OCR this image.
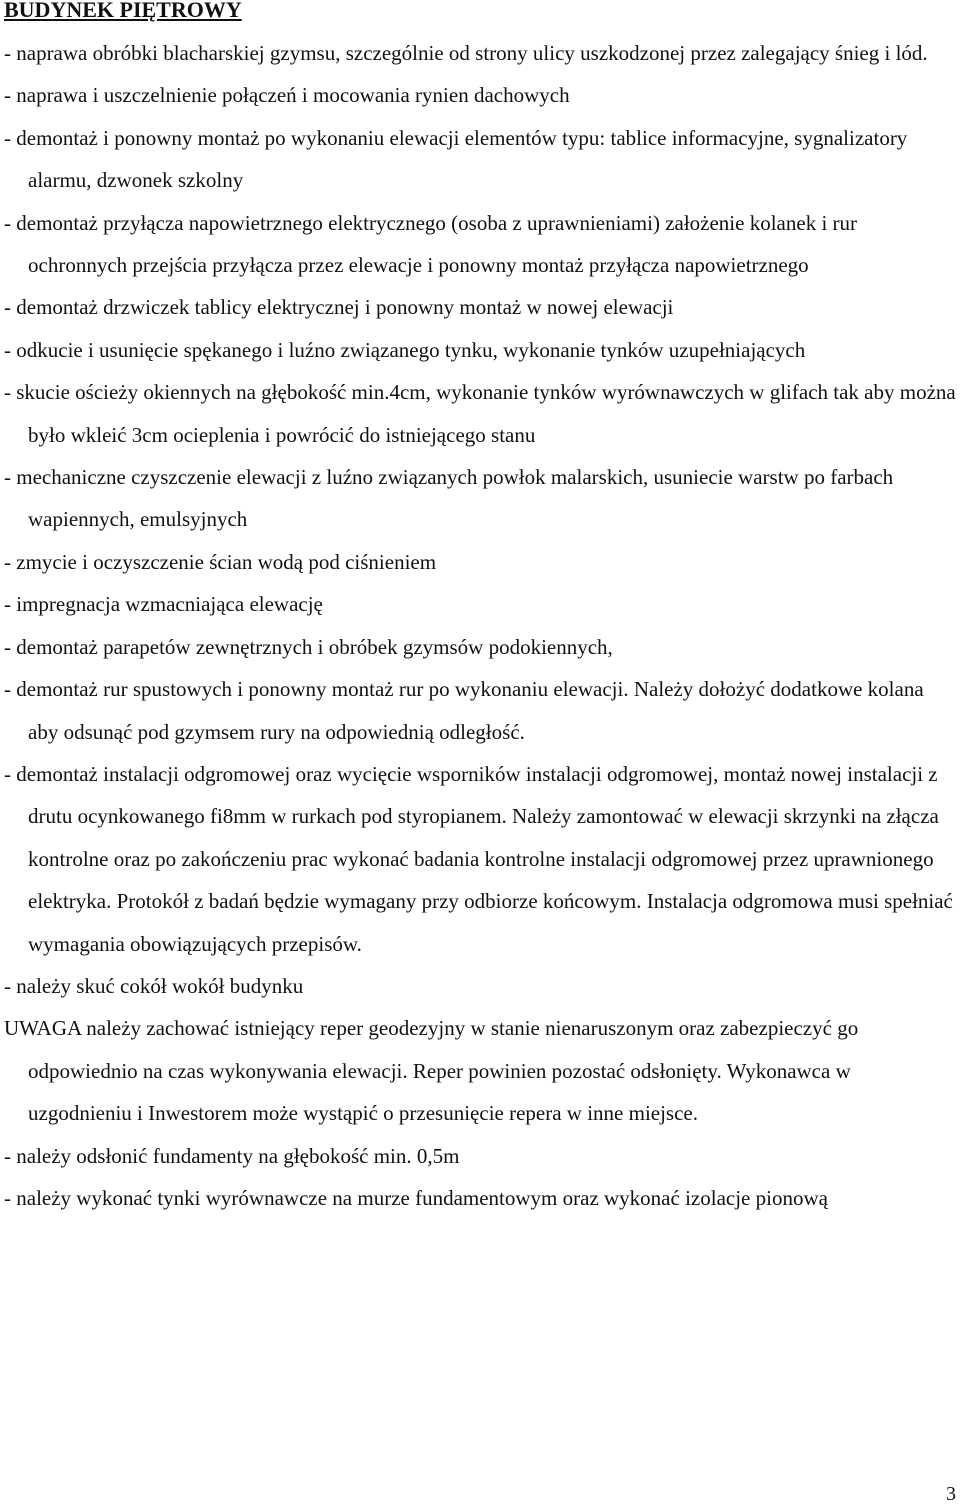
BUDYNEK PIĘTROWY

- naprawa obróbki blacharskiej gzymsu, szczególnie od strony ulicy uszkodzonej przez zalegający śnieg i lód.

- naprawa i uszczelnienie połączeń i mocowania rynien dachowych

- demontaż i ponowny montaż po wykonaniu elewacji elementów typu: tablice informacyjne, sygnalizatory alarmu, dzwonek szkolny

- demontaż przyłącza napowietrznego elektrycznego (osoba z uprawnieniami) założenie kolanek i rur ochronnych przejścia przyłącza przez elewacje i ponowny montaż przyłącza napowietrznego

- demontaż drzwiczek tablicy elektrycznej i ponowny montaż w nowej elewacji

- odkucie i usunięcie spękanego i luźno związanego tynku, wykonanie tynków uzupełniających

- skucie ościeży okiennych na głębokość min.4cm, wykonanie tynków wyrównawczych w glifach tak aby można było wkleić 3cm ocieplenia i powrócić do istniejącego stanu

- mechaniczne czyszczenie elewacji z luźno związanych powłok malarskich, usuniecie warstw po farbach wapiennych, emulsyjnych

- zmycie i oczyszczenie ścian wodą pod ciśnieniem

- impregnacja wzmacniająca elewację

- demontaż parapetów zewnętrznych i obróbek gzymsów podokiennych,

- demontaż rur spustowych i ponowny montaż rur po wykonaniu elewacji. Należy dołożyć dodatkowe kolana aby odsunąć pod gzymsem rury na odpowiednią odległość.

- demontaż instalacji odgromowej oraz wycięcie wsporników instalacji odgromowej, montaż nowej instalacji z drutu ocynkowanego fi8mm w rurkach pod styropianem. Należy zamontować w elewacji skrzynki na złącza kontrolne oraz po zakończeniu prac wykonać badania kontrolne instalacji odgromowej przez uprawnionego elektryka. Protokół z badań będzie wymagany przy odbiorze końcowym. Instalacja odgromowa musi spełniać wymagania obowiązujących przepisów.

- należy skuć cokół wokół budynku

UWAGA należy zachować istniejący reper geodezyjny w stanie nienaruszonym oraz zabezpieczyć go odpowiednio na czas wykonywania elewacji. Reper powinien pozostać odsłonięty. Wykonawca w uzgodnieniu i Inwestorem może wystąpić o przesunięcie repera w inne miejsce.

- należy odsłonić fundamenty na głębokość min. 0,5m

- należy wykonać tynki wyrównawcze na murze fundamentowym oraz wykonać izolacje pionową

3
